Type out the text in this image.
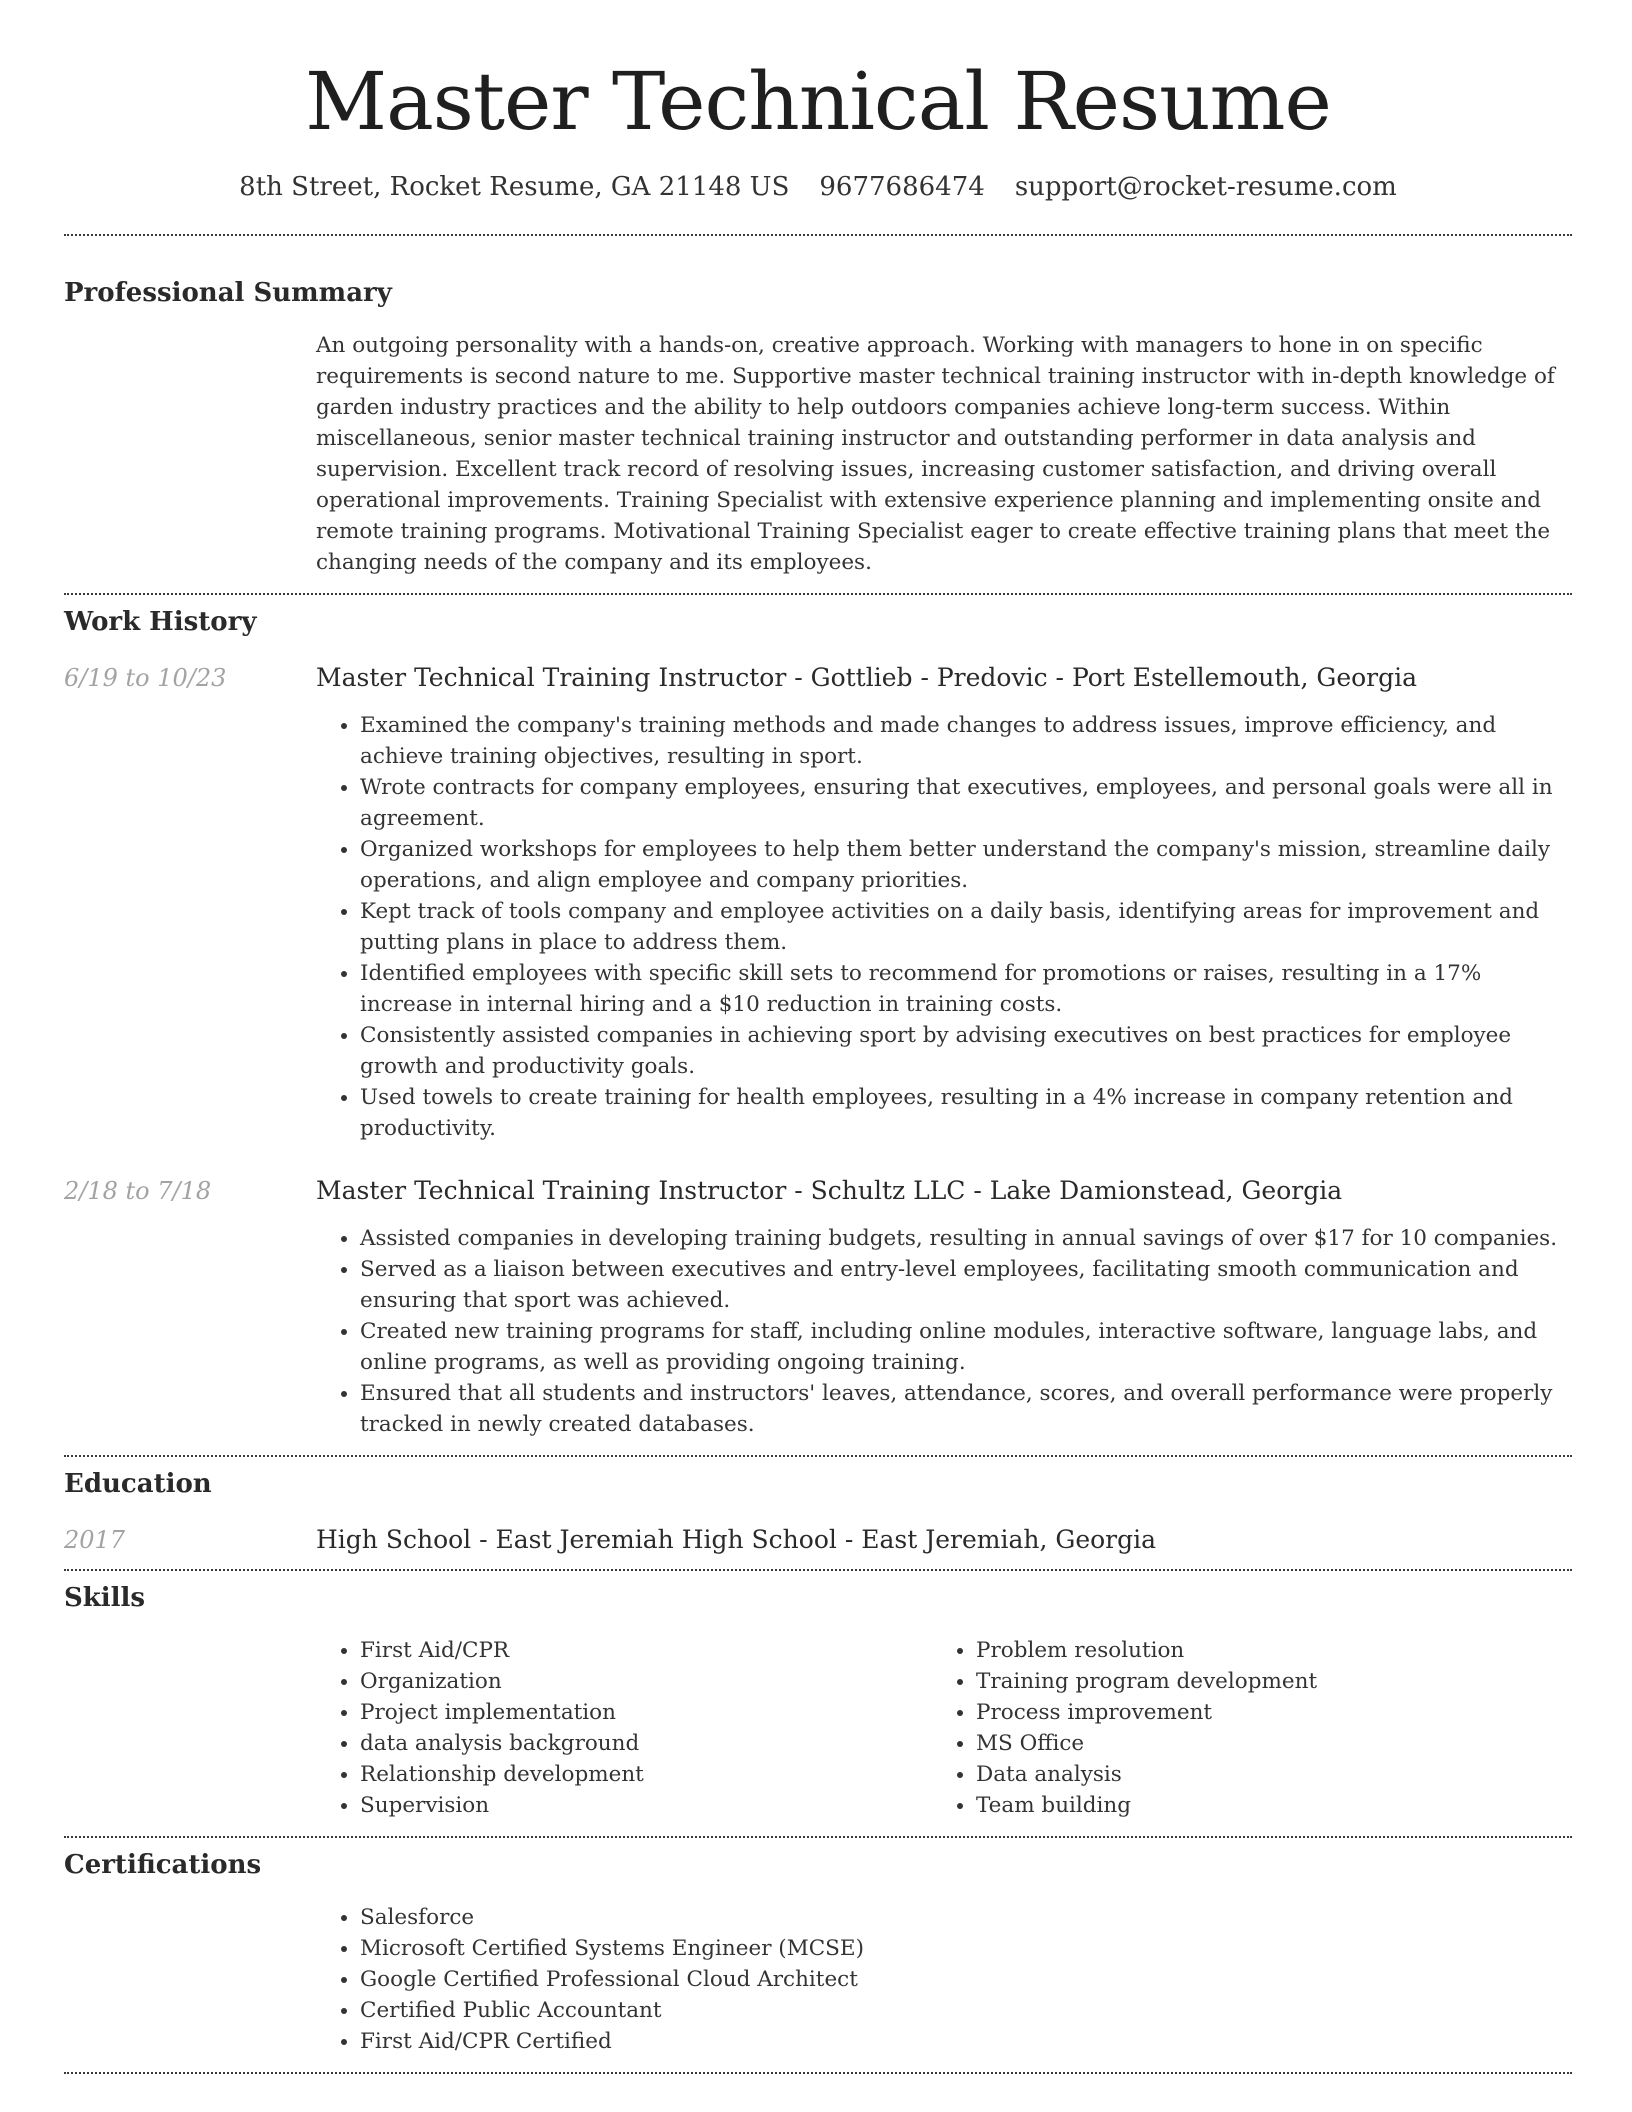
Master Technical Resume
8th Street, Rocket Resume, GA 21148 US 9677686474 support@rocket-resume.com
Professional Summary
An outgoing personality with a hands-on, creative approach. Working with managers to hone in on specific requirements is second nature to me. Supportive master technical training instructor with in-depth knowledge of garden industry practices and the ability to help outdoors companies achieve long-term success. Within miscellaneous, senior master technical training instructor and outstanding performer in data analysis and supervision. Excellent track record of resolving issues, increasing customer satisfaction, and driving overall operational improvements. Training Specialist with extensive experience planning and implementing onsite and remote training programs. Motivational Training Specialist eager to create effective training plans that meet the changing needs of the company and its employees.
Work History
6/19 to 10/23	Master Technical Training Instructor - Gottlieb - Predovic - Port Estellemouth, Georgia
• Examined the company's training methods and made changes to address issues, improve efficiency, and achieve training objectives, resulting in sport.
• Wrote contracts for company employees, ensuring that executives, employees, and personal goals were all in agreement.
• Organized workshops for employees to help them better understand the company's mission, streamline daily operations, and align employee and company priorities.
• Kept track of tools company and employee activities on a daily basis, identifying areas for improvement and putting plans in place to address them.
• Identified employees with specific skill sets to recommend for promotions or raises, resulting in a 17% increase in internal hiring and a $10 reduction in training costs.
• Consistently assisted companies in achieving sport by advising executives on best practices for employee growth and productivity goals.
• Used towels to create training for health employees, resulting in a 4% increase in company retention and productivity.
2/18 to 7/18	Master Technical Training Instructor - Schultz LLC - Lake Damionstead, Georgia
• Assisted companies in developing training budgets, resulting in annual savings of over $17 for 10 companies.
• Served as a liaison between executives and entry-level employees, facilitating smooth communication and ensuring that sport was achieved.
• Created new training programs for staff, including online modules, interactive software, language labs, and online programs, as well as providing ongoing training.
• Ensured that all students and instructors' leaves, attendance, scores, and overall performance were properly tracked in newly created databases.
Education
2017	High School - East Jeremiah High School - East Jeremiah, Georgia
Skills
• First Aid/CPR
• Organization
• Project implementation
• data analysis background
• Relationship development
• Supervision
• Problem resolution
• Training program development
• Process improvement
• MS Office
• Data analysis
• Team building
Certifications
• Salesforce
• Microsoft Certified Systems Engineer (MCSE)
• Google Certified Professional Cloud Architect
• Certified Public Accountant
• First Aid/CPR Certified
